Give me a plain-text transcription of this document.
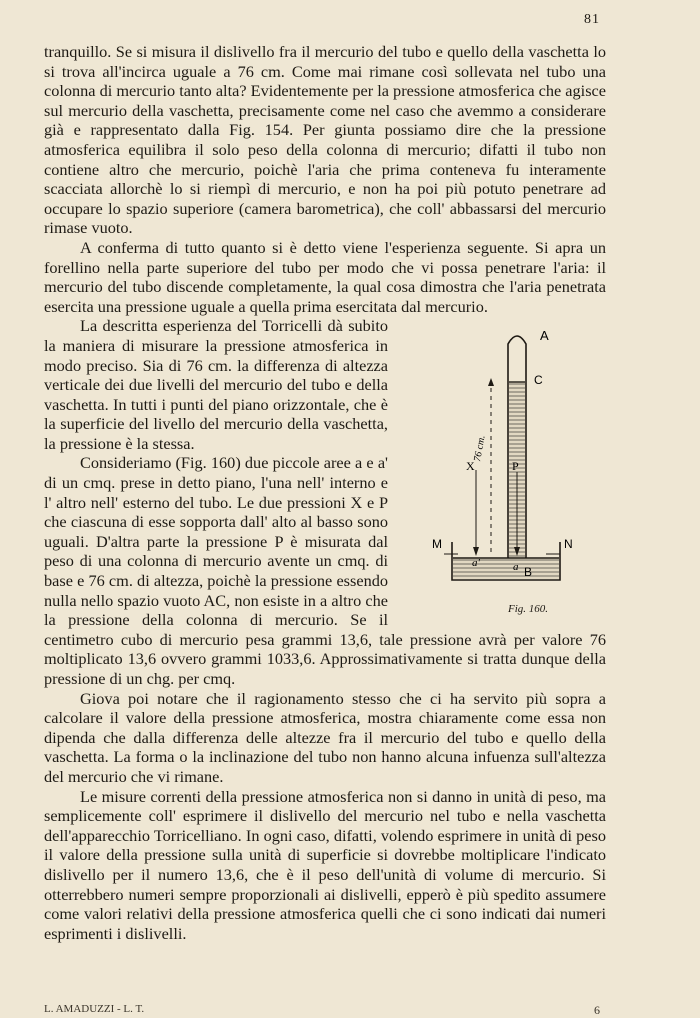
81

tranquillo. Se si misura il dislivello fra il mercurio del tubo e quello della vaschetta lo si trova all'incirca uguale a 76 cm. Come mai rimane così sollevata nel tubo una colonna di mercurio tanto alta? Evidentemente per la pressione atmosferica che agisce sul mercurio della vaschetta, precisamente come nel caso che avemmo a considerare già e rappresentato dalla Fig. 154. Per giunta possiamo dire che la pressione atmosferica equilibra il solo peso della colonna di mercurio; difatti il tubo non contiene altro che mercurio, poichè l'aria che prima conteneva fu interamente scacciata allorchè lo si riempì di mercurio, e non ha poi più potuto penetrare ad occupare lo spazio superiore (camera barometrica), che coll' abbassarsi del mercurio rimase vuoto.

A conferma di tutto quanto si è detto viene l'esperienza seguente. Si apra un forellino nella parte superiore del tubo per modo che vi possa penetrare l'aria: il mercurio del tubo discende completamente, la qual cosa dimostra che l'aria penetrata esercita una pressione uguale a quella prima esercitata dal mercurio.

76 cm.
X	P
M	N
a'	a
A
C
B
Fig. 160.
La descritta esperienza del Torricelli dà subito la maniera di misurare la pressione atmosferica in modo preciso. Sia di 76 cm. la differenza di altezza verticale dei due livelli del mercurio del tubo e della vaschetta. In tutti i punti del piano orizzontale, che è la superficie del livello del mercurio della vaschetta, la pressione è la stessa.

Consideriamo (Fig. 160) due piccole aree a e a' di un cmq. prese in detto piano, l'una nell' interno e l' altro nell' esterno del tubo. Le due pressioni X e P che ciascuna di esse sopporta dall' alto al basso sono uguali. D'altra parte la pressione P è misurata dal peso di una colonna di mercurio avente un cmq. di base e 76 cm. di altezza, poichè la pressione essendo nulla nello spazio vuoto AC, non esiste in a altro che la pressione della colonna di mercurio. Se il centimetro cubo di mercurio pesa grammi 13,6, tale pressione avrà per valore 76 moltiplicato 13,6 ovvero grammi 1033,6. Approssimativamente si tratta dunque della pressione di un chg. per cmq.

Giova poi notare che il ragionamento stesso che ci ha servito più sopra a calcolare il valore della pressione atmosferica, mostra chiaramente come essa non dipenda che dalla differenza delle altezze fra il mercurio del tubo e quello della vaschetta. La forma o la inclinazione del tubo non hanno alcuna infuenza sull'altezza del mercurio che vi rimane.

Le misure correnti della pressione atmosferica non si danno in unità di peso, ma semplicemente coll' esprimere il dislivello del mercurio nel tubo e nella vaschetta dell'apparecchio Torricelliano. In ogni caso, difatti, volendo esprimere in unità di peso il valore della pressione sulla unità di superficie si dovrebbe moltiplicare l'indicato dislivello per il numero 13,6, che è il peso dell'unità di volume di mercurio. Si otterrebbero numeri sempre proporzionali ai dislivelli, epperò è più spedito assumere come valori relativi della pressione atmosferica quelli che ci sono indicati dai numeri esprimenti i dislivelli.

L. AMADUZZI - L. T.	6
